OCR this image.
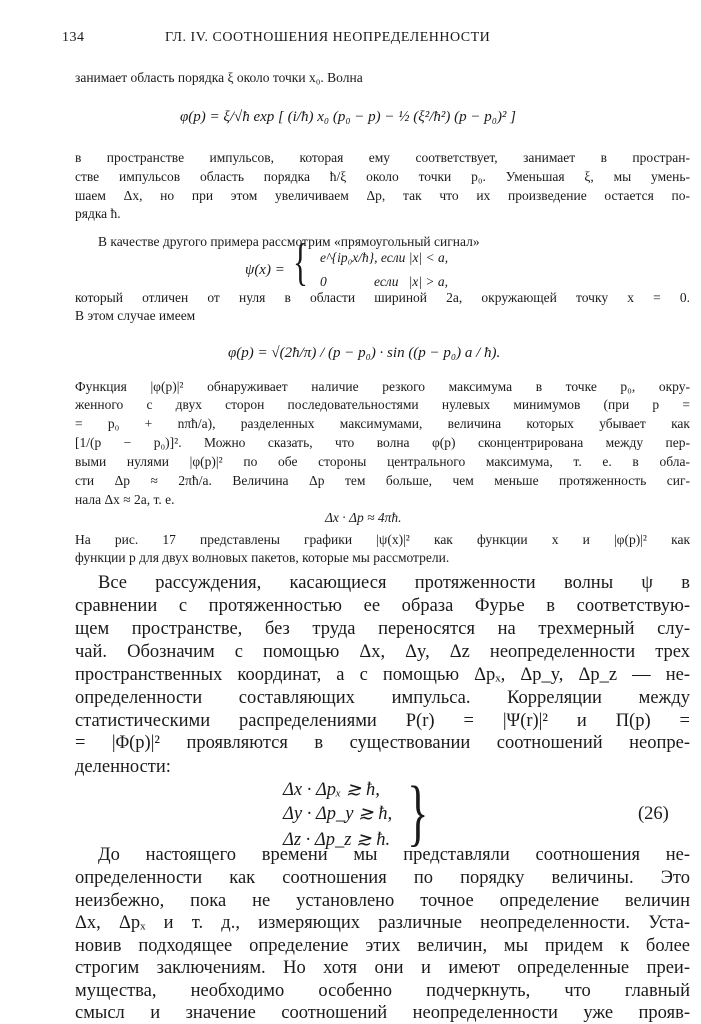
134	ГЛ. IV. СООТНОШЕНИЯ НЕОПРЕДЕЛЕННОСТИ
занимает область порядка ξ около точки x₀. Волна
φ(p) = ξ/√ħ exp [ (i/ħ) x₀ (p₀ − p) − ½ (ξ²/ħ²) (p − p₀)² ]
в пространстве импульсов, которая ему соответствует, занимает в простран-
стве импульсов область порядка ħ/ξ около точки p₀. Уменьшая ξ, мы умень-
шаем Δx, но при этом увеличиваем Δp, так что их произведение остается по-
рядка ħ.
В качестве другого примера рассмотрим «прямоугольный сигнал»
ψ(x) = { e^{ip₀x/ħ}, если |x| < a,
0              если   |x| > a,
который отличен от нуля в области шириной 2a, окружающей точку x = 0.
В этом случае имеем
φ(p) = √(2ħ/π) / (p − p₀) · sin ((p − p₀) a / ħ).
Функция |φ(p)|² обнаруживает наличие резкого максимума в точке p₀, окру-
женного с двух сторон последовательностями нулевых минимумов (при p =
= p₀ + nπħ/a), разделенных максимумами, величина которых убывает как
[1/(p − p₀)]². Можно сказать, что волна φ(p) сконцентрирована между пер-
выми нулями |φ(p)|² по обе стороны центрального максимума, т. е. в обла-
сти Δp ≈ 2πħ/a. Величина Δp тем больше, чем меньше протяженность сиг-
нала Δx ≈ 2a, т. е.
Δx · Δp ≈ 4πħ.
На рис. 17 представлены графики |ψ(x)|² как функции x и |φ(p)|² как
функции p для двух волновых пакетов, которые мы рассмотрели.
Все рассуждения, касающиеся протяженности волны ψ в
сравнении с протяженностью ее образа Фурье в соответствую-
щем пространстве, без труда переносятся на трехмерный слу-
чай. Обозначим с помощью Δx, Δy, Δz неопределенности трех
пространственных координат, а с помощью Δpₓ, Δp_y, Δp_z — не-
определенности составляющих импульса. Корреляции между
статистическими распределениями P(r) = |Ψ(r)|² и Π(p) =
= |Φ(p)|² проявляются в существовании соотношений неопре-
деленности:
Δx · Δpₓ ≳ ħ,
Δy · Δp_y ≳ ħ,
Δz · Δp_z ≳ ħ. }	(26)
До настоящего времени мы представляли соотношения не-
определенности как соотношения по порядку величины. Это
неизбежно, пока не установлено точное определение величин
Δx, Δpₓ и т. д., измеряющих различные неопределенности. Уста-
новив подходящее определение этих величин, мы придем к более
строгим заключениям. Но хотя они и имеют определенные преи-
мущества, необходимо особенно подчеркнуть, что главный
смысл и значение соотношений неопределенности уже прояв-
